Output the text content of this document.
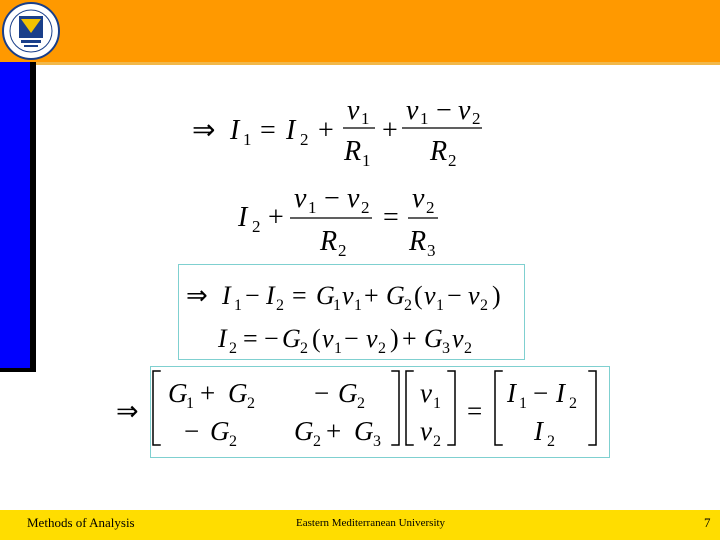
⇒ I 1 = I 2 +
v 1
R 1
+
v 1 − v 2
R 2
I 2 +
v 1 − v 2
R 2
=
v 2
R 3
⇒ I 1 − I 2 = G
1 v 1 + G 2 ( v 1 − v 2 )
I 2 = − G 2 ( v 1 − v 2 ) + G 3 v 2
⇒
G
1 + G 2 − G 2
− G 2 G 2 + G 3
v 1
v 2
=
I 1 − I 2
I 2
Methods of Analysis	Eastern Mediterranean University	7
